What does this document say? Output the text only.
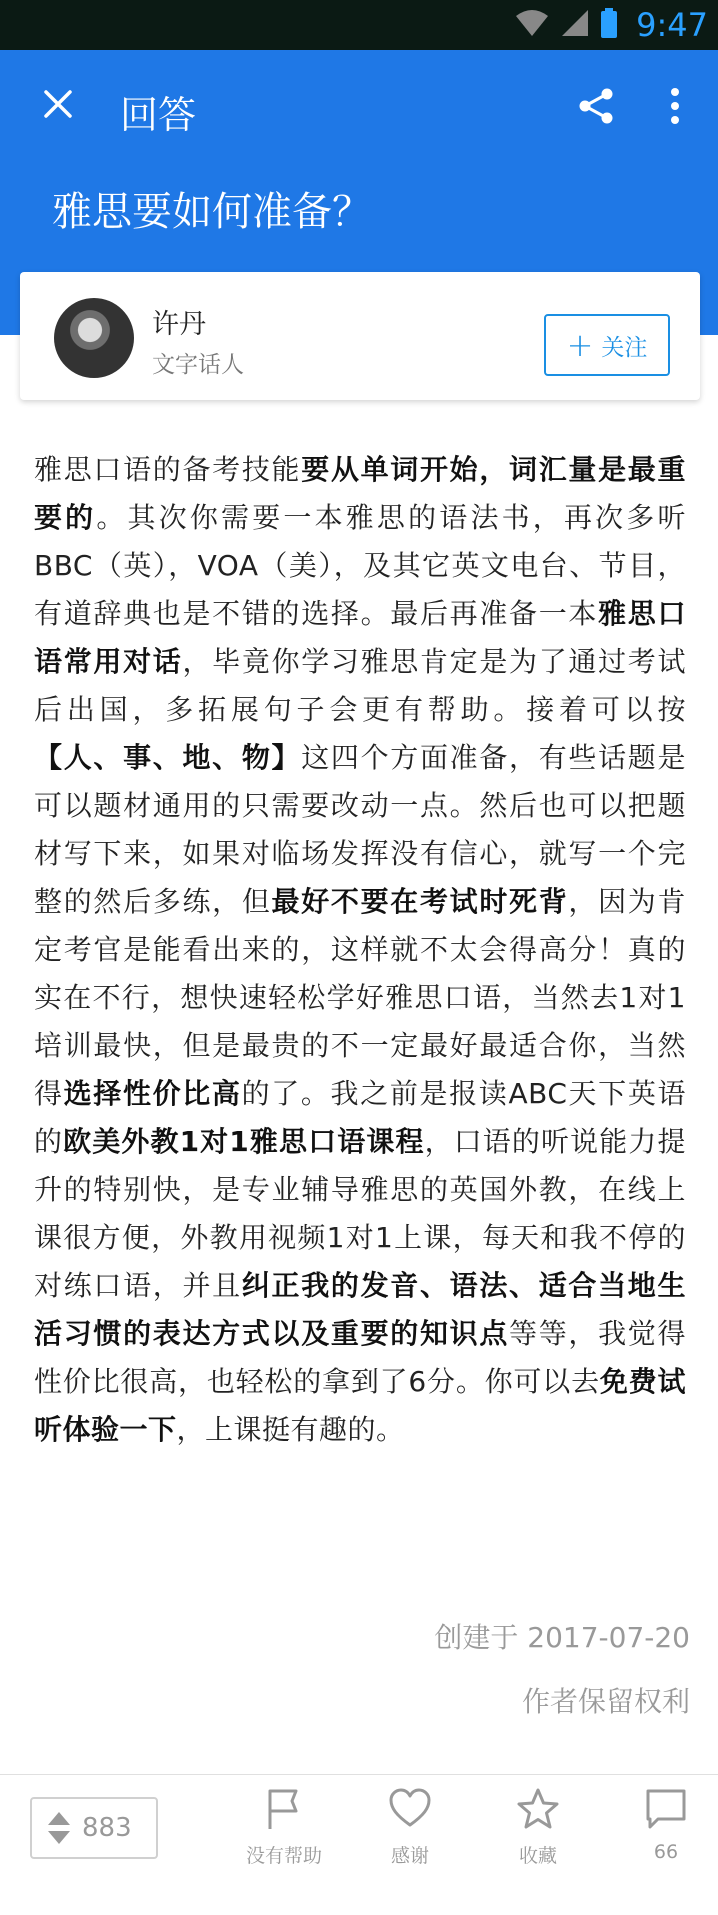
9:47
回答
雅思要如何准备？
许丹
文字话人
+ 关注
雅思口语的备考技能要从单词开始，词汇量是最重要的。其次你需要一本雅思的语法书，再次多听BBC（英），VOA（美），及其它英文电台、节目，有道辞典也是不错的选择。最后再准备一本雅思口语常用对话，毕竟你学习雅思肯定是为了通过考试后出国，多拓展句子会更有帮助。接着可以按【人、事、地、物】这四个方面准备，有些话题是可以题材通用的只需要改动一点。然后也可以把题材写下来，如果对临场发挥没有信心，就写一个完整的然后多练，但最好不要在考试时死背，因为肯定考官是能看出来的，这样就不太会得高分！真的实在不行，想快速轻松学好雅思口语，当然去1对1培训最快，但是最贵的不一定最好最适合你，当然得选择性价比高的了。我之前是报读ABC天下英语的欧美外教1对1雅思口语课程，口语的听说能力提升的特别快，是专业辅导雅思的英国外教，在线上课很方便，外教用视频1对1上课，每天和我不停的对练口语，并且纠正我的发音、语法、适合当地生活习惯的表达方式以及重要的知识点等等，我觉得性价比很高，也轻松的拿到了6分。你可以去免费试听体验一下，上课挺有趣的。
创建于 2017-07-20
作者保留权利
883
没有帮助	感谢	收藏	66
